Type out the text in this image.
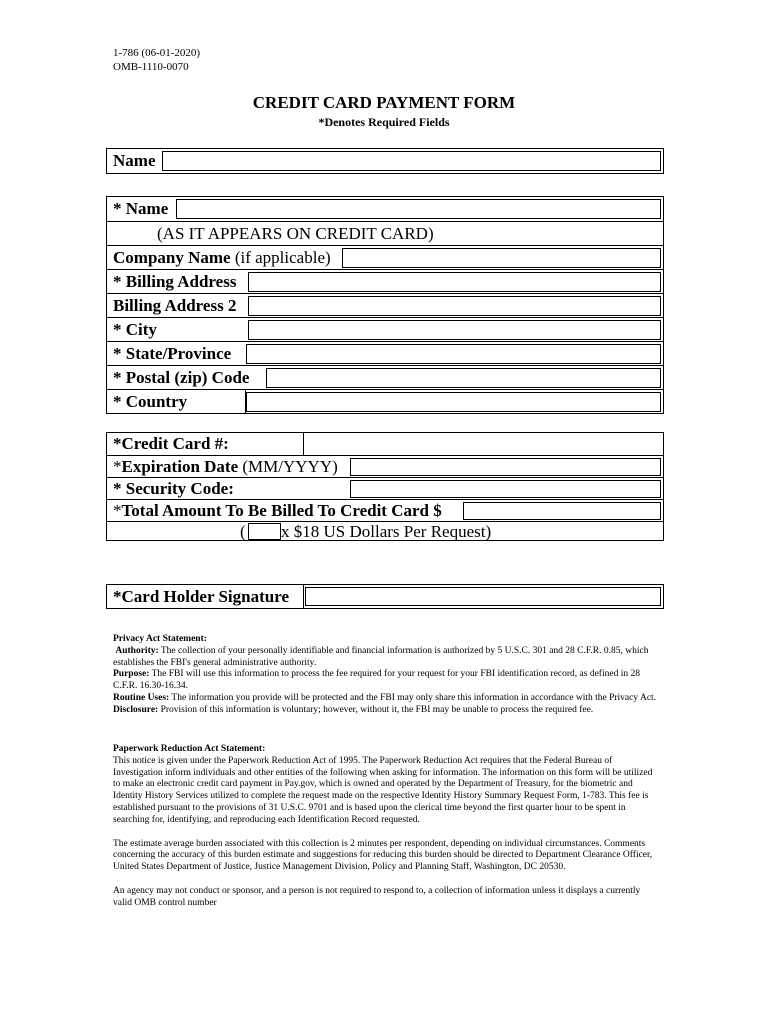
1-786 (06-01-2020)
OMB-1110-0070
CREDIT CARD PAYMENT FORM
*Denotes Required Fields
Name
* Name
(AS IT APPEARS ON CREDIT CARD)
Company Name (if applicable)
* Billing Address
Billing Address 2
* City
* State/Province
* Postal (zip) Code
* Country
*Credit Card #:
*Expiration Date (MM/YYYY)
* Security Code:
*Total Amount To Be Billed To Credit Card $
( x $18 US Dollars Per Request)
*Card Holder Signature

Privacy Act Statement:

Authority: The collection of your personally identifiable and financial information is authorized by 5 U.S.C. 301 and 28 C.F.R. 0.85, which establishes the FBI's general administrative authority.

Purpose: The FBI will use this information to process the fee required for your request for your FBI identification record, as defined in 28 C.F.R. 16.30-16.34.

Routine Uses: The information you provide will be protected and the FBI may only share this information in accordance with the Privacy Act.

Disclosure: Provision of this information is voluntary; however, without it, the FBI may be unable to process the required fee.

Paperwork Reduction Act Statement:

This notice is given under the Paperwork Reduction Act of 1995. The Paperwork Reduction Act requires that the Federal Bureau of Investigation inform individuals and other entities of the following when asking for information. The information on this form will be utilized to make an electronic credit card payment in Pay.gov, which is owned and operated by the Department of Treasury, for the biometric and Identity History Services utilized to complete the request made on the respective Identity History Summary Request Form, 1-783. This fee is established pursuant to the provisions of 31 U.S.C. 9701 and is based upon the clerical time beyond the first quarter hour to be spent in searching for, identifying, and reproducing each Identification Record requested.

The estimate average burden associated with this collection is 2 minutes per respondent, depending on individual circumstances. Comments concerning the accuracy of this burden estimate and suggestions for reducing this burden should be directed to Department Clearance Officer, United States Department of Justice, Justice Management Division, Policy and Planning Staff, Washington, DC 20530.

An agency may not conduct or sponsor, and a person is not required to respond to, a collection of information unless it displays a currently valid OMB control number
